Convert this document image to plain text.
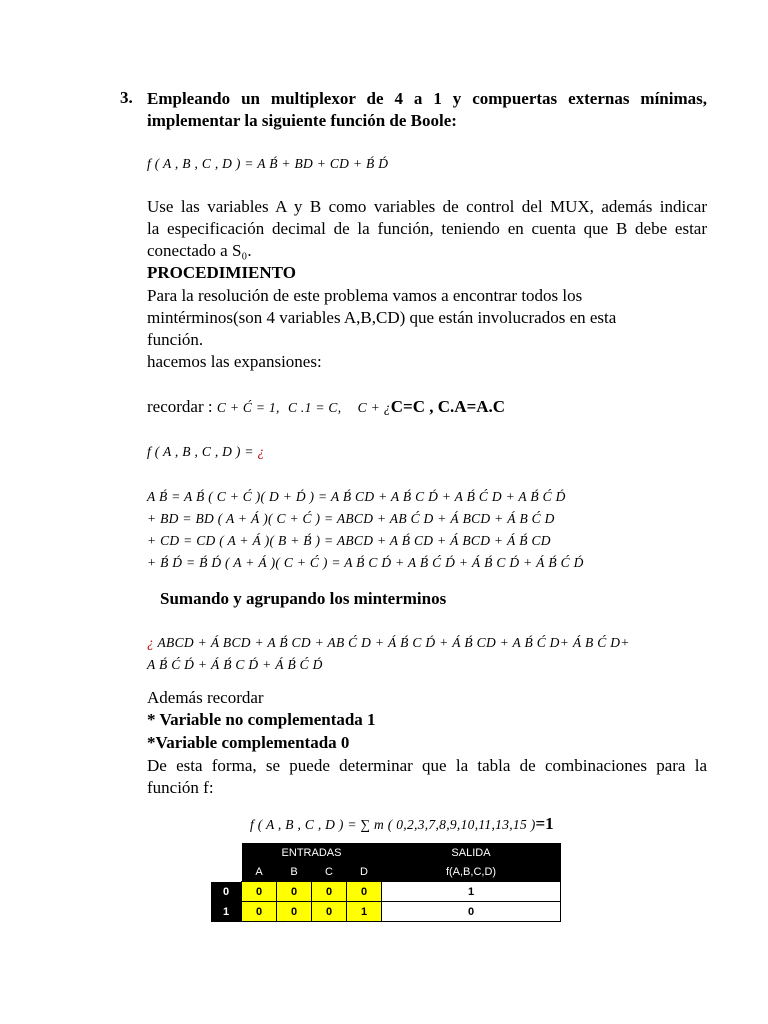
3. Empleando un multiplexor de 4 a 1 y compuertas externas mínimas,
implementar la siguiente función de Boole:
f ( A , B , C , D ) = A B́ + BD + CD + B́ D́
Use las variables A y B como variables de control del MUX, además indicar
la especificación decimal de la función, teniendo en cuenta que B debe estar
conectado a S₀.
PROCEDIMIENTO
Para la resolución de este problema vamos a encontrar todos los
mintérminos(son 4 variables A,B,CD) que están involucrados en esta
función.
hacemos las expansiones:
recordar : C + Ć = 1, C .1 = C, C + ¿C=C , C.A=A.C
f ( A , B , C , D ) = ¿
A B́ = A B́ ( C + Ć )( D + D́ ) = A B́ CD + A B́ C D́ + A B́ Ć D + A B́ Ć D́
+ BD = BD ( A + Á )( C + Ć ) = ABCD + AB Ć D + Á BCD + Á B Ć D
+ CD = CD ( A + Á )( B + B́ ) = ABCD + A B́ CD + Á BCD + Á B́ CD
+ B́ D́ = B́ D́ ( A + Á )( C + Ć ) = A B́ C D́ + A B́ Ć D́ + Á B́ C D́ + Á B́ Ć D́
Sumando y agrupando los minterminos
¿ ABCD + Á BCD + A B́ CD + AB Ć D + Á B́ C D́ + Á B́ CD + A B́ Ć D+ Á B Ć D+
A B́ Ć D́ + Á B́ C D́ + Á B́ Ć D́
Además recordar
* Variable no complementada 1
*Variable complementada 0
De esta forma, se puede determinar que la tabla de combinaciones para la
función f:
f ( A , B , C , D ) = ∑ m ( 0,2,3,7,8,9,10,11,13,15 )=1
	ENTRADAS				SALIDA
	A	B	C	D	f(A,B,C,D)
0	0	0	0	0	1
1	0	0	0	1	0
